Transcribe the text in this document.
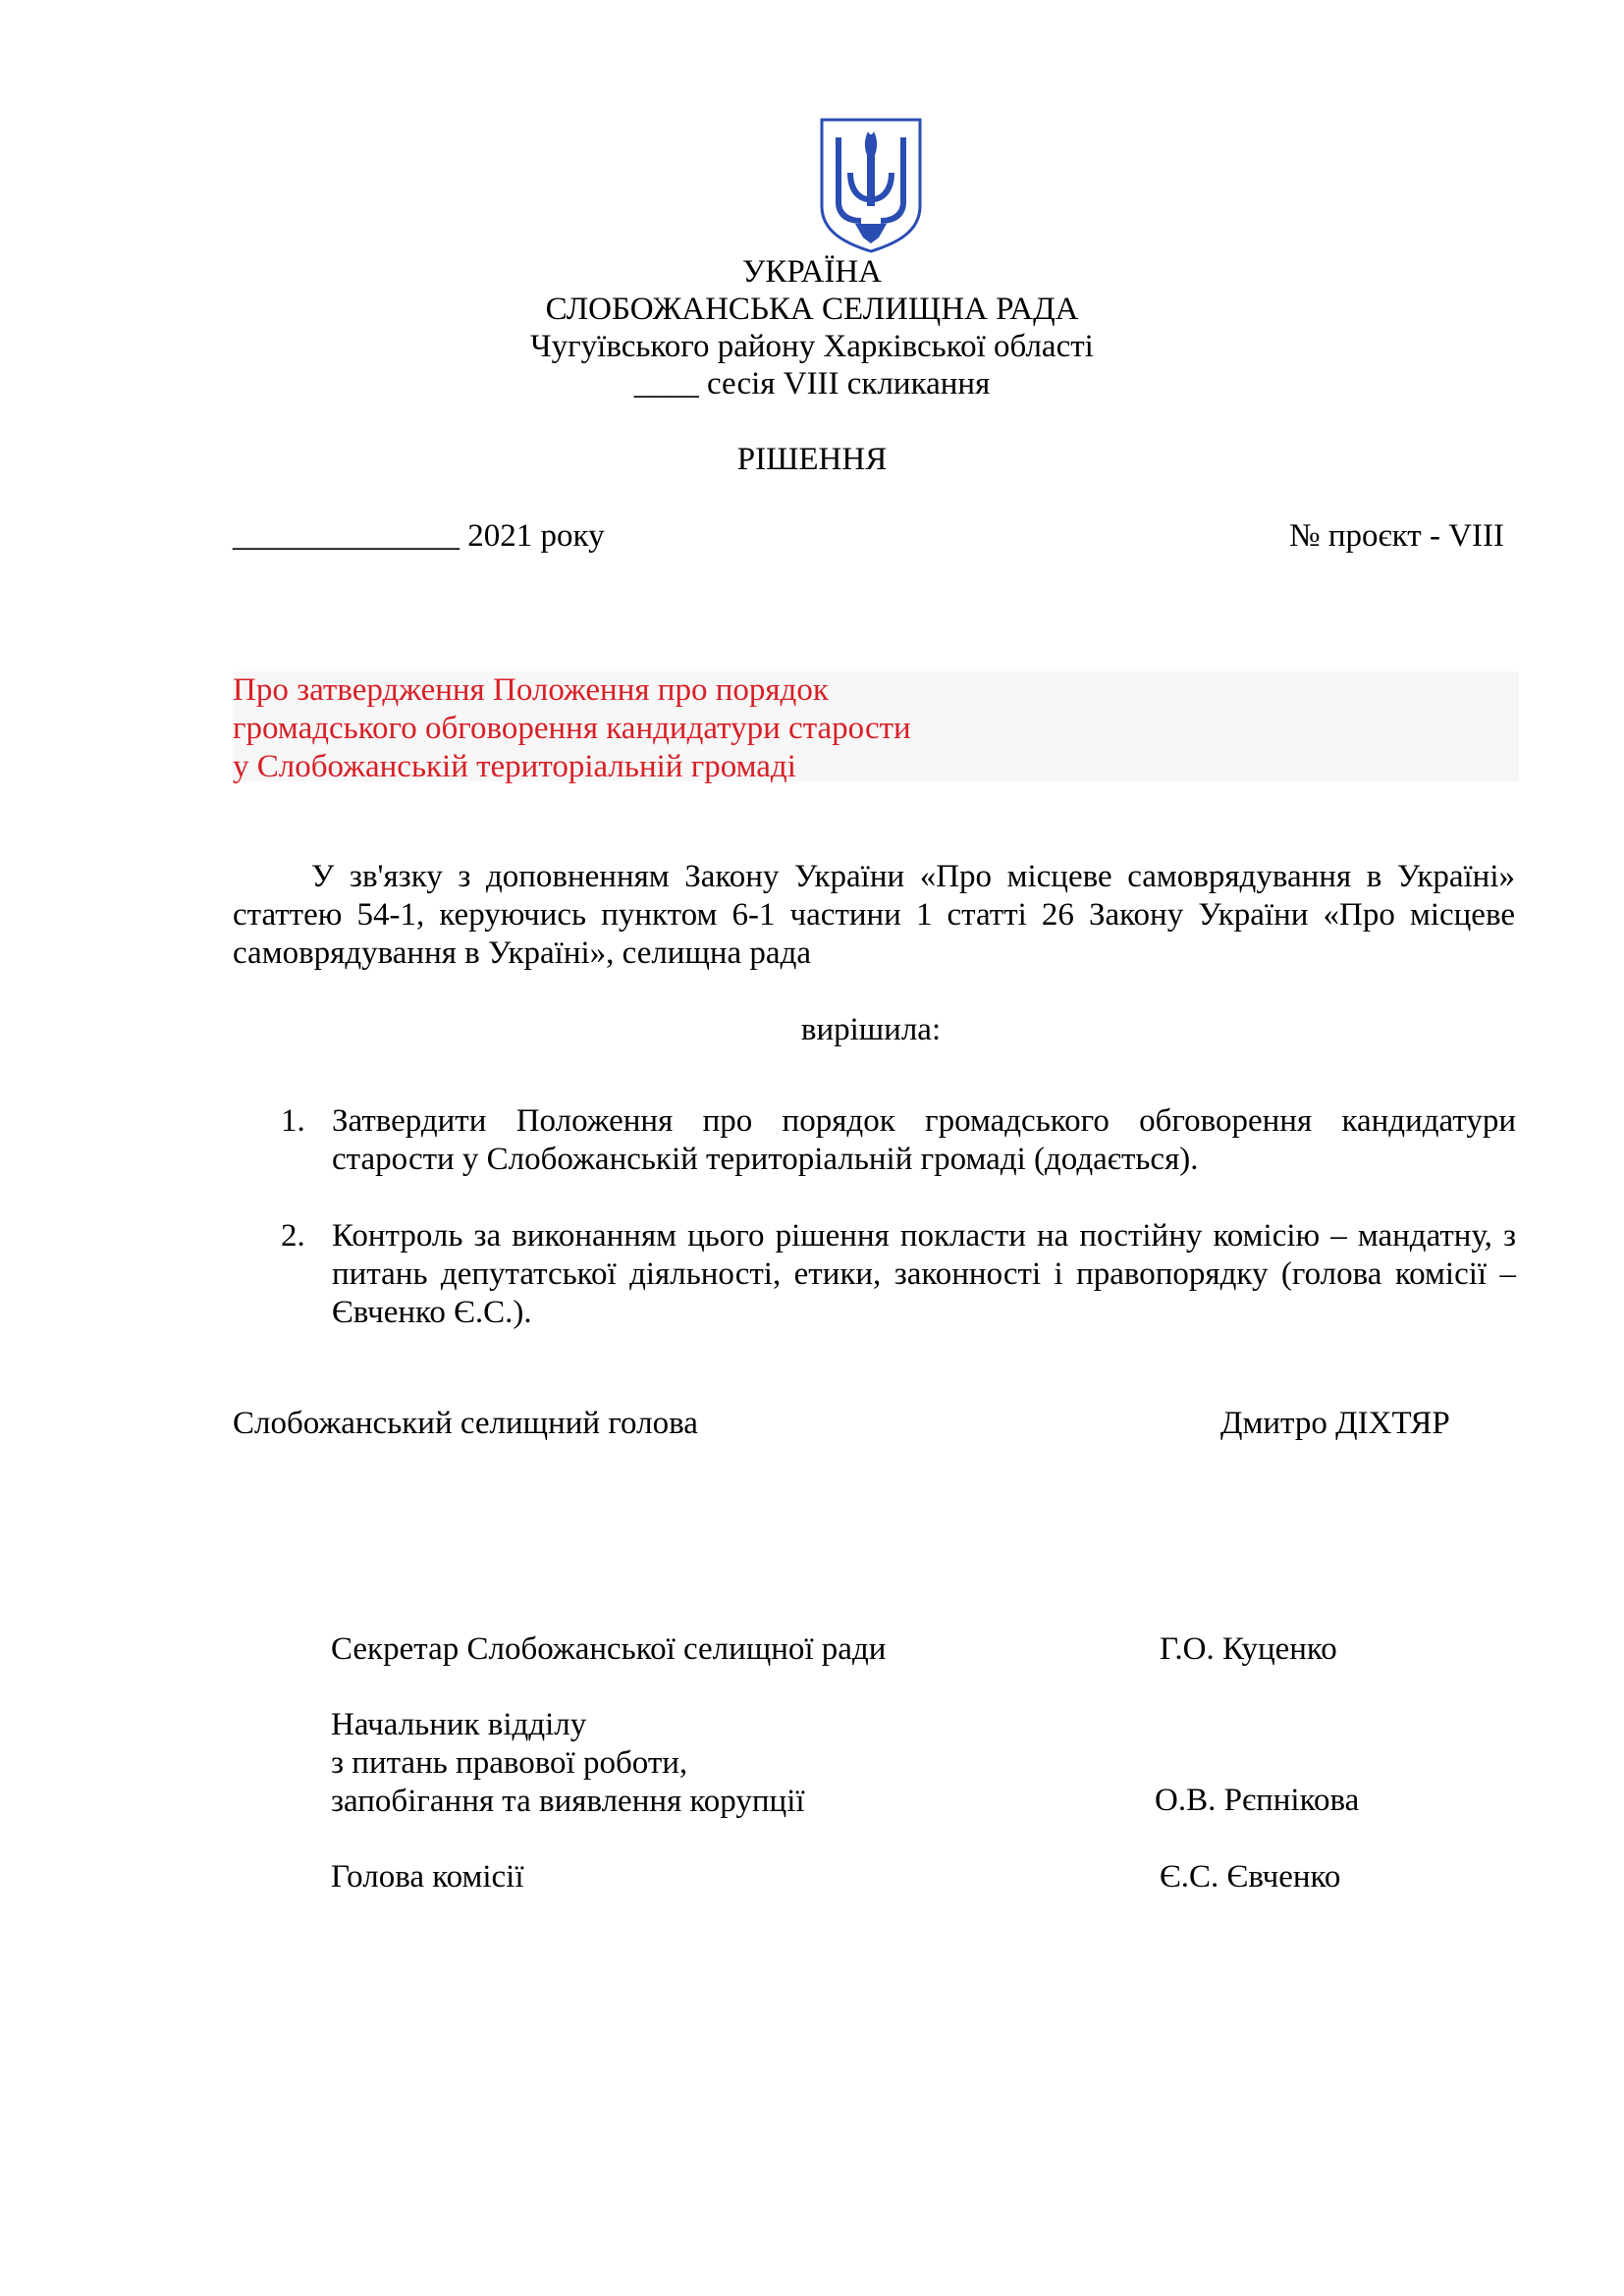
УКРАЇНА
СЛОБОЖАНСЬКА СЕЛИЩНА РАДА
Чугуївського району Харківської області
____ сесія VIII скликання
РІШЕННЯ
______________ 2021 року	№ проєкт - VIII
Про затвердження Положення про порядок
громадського обговорення кандидатури старости
у Слобожанській територіальній громаді
У зв'язку з доповненням Закону України «Про місцеве самоврядування в Україні»
статтею 54-1, керуючись пунктом 6-1 частини 1 статті 26 Закону України «Про місцеве
самоврядування в Україні», селищна рада
вирішила:
1. Затвердити Положення про порядок громадського обговорення кандидатури
старости у Слобожанській територіальній громаді (додається).
2. Контроль за виконанням цього рішення покласти на постійну комісію – мандатну, з
питань депутатської діяльності, етики, законності і правопорядку (голова комісії –
Євченко Є.С.).
Слобожанський селищний голова	Дмитро ДІХТЯР
Секретар Слобожанської селищної ради	Г.О. Куценко
Начальник відділу
з питань правової роботи,
запобігання та виявлення корупції	О.В. Рєпнікова
Голова комісії	Є.С. Євченко
